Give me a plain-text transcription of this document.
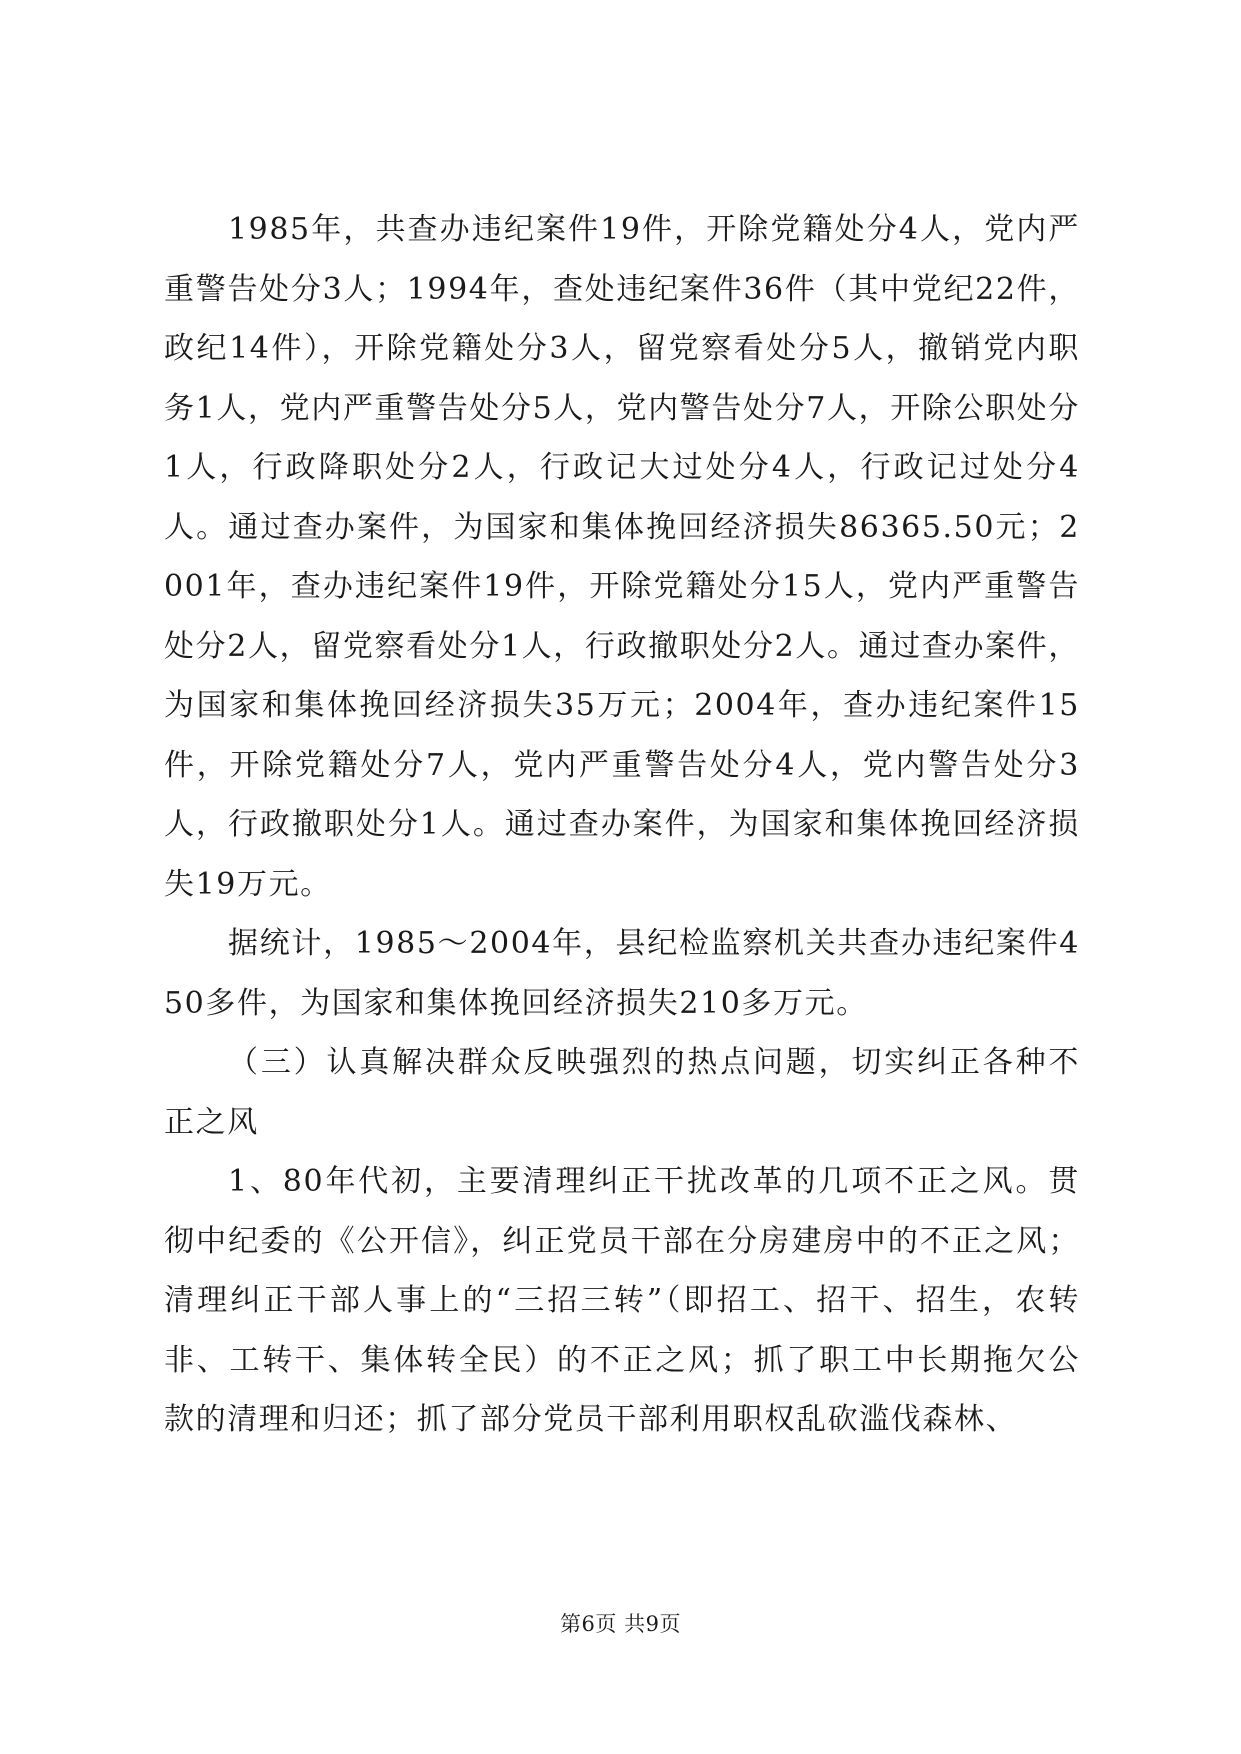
1985年，共查办违纪案件19件，开除党籍处分4人，党内严重警告处分3人；1994年，查处违纪案件36件（其中党纪22件，政纪14件），开除党籍处分3人，留党察看处分5人，撤销党内职务1人，党内严重警告处分5人，党内警告处分7人，开除公职处分1人，行政降职处分2人，行政记大过处分4人，行政记过处分4人。通过查办案件，为国家和集体挽回经济损失86365.50元；2001年，查办违纪案件19件，开除党籍处分15人，党内严重警告处分2人，留党察看处分1人，行政撤职处分2人。通过查办案件，为国家和集体挽回经济损失35万元；2004年，查办违纪案件15件，开除党籍处分7人，党内严重警告处分4人，党内警告处分3人，行政撤职处分1人。通过查办案件，为国家和集体挽回经济损失19万元。

据统计，1985～2004年，县纪检监察机关共查办违纪案件450多件，为国家和集体挽回经济损失210多万元。

（三）认真解决群众反映强烈的热点问题，切实纠正各种不正之风

1、80年代初，主要清理纠正干扰改革的几项不正之风。贯彻中纪委的《公开信》，纠正党员干部在分房建房中的不正之风；清理纠正干部人事上的“三招三转”（即招工、招干、招生，农转非、工转干、集体转全民）的不正之风；抓了职工中长期拖欠公款的清理和归还；抓了部分党员干部利用职权乱砍滥伐森林、

第6页 共9页
